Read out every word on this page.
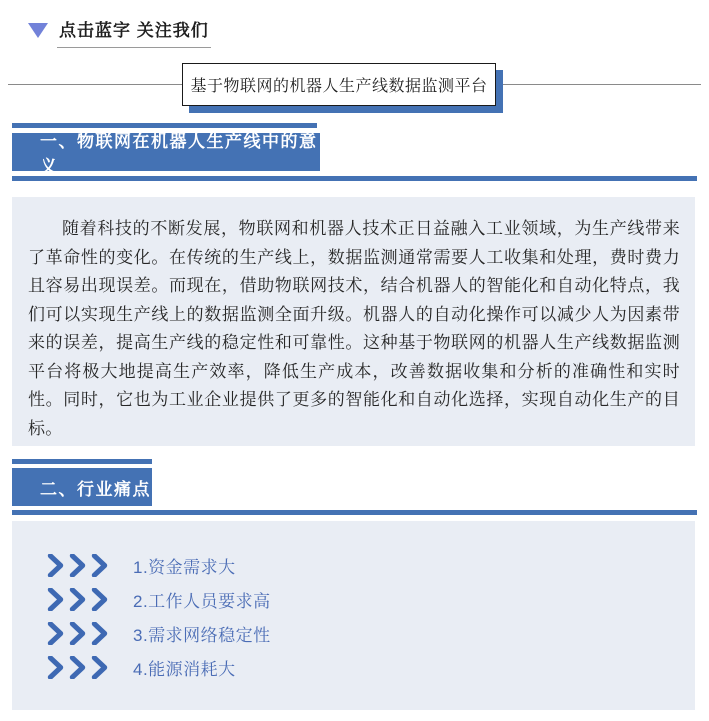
点击蓝字 关注我们
基于物联网的机器人生产线数据监测平台
一、物联网在机器人生产线中的意义

随着科技的不断发展，物联网和机器人技术正日益融入工业领域，为生产线带来了革命性的变化。在传统的生产线上，数据监测通常需要人工收集和处理，费时费力且容易出现误差。而现在，借助物联网技术，结合机器人的智能化和自动化特点，我们可以实现生产线上的数据监测全面升级。机器人的自动化操作可以减少人为因素带来的误差，提高生产线的稳定性和可靠性。这种基于物联网的机器人生产线数据监测平台将极大地提高生产效率，降低生产成本，改善数据收集和分析的准确性和实时性。同时，它也为工业企业提供了更多的智能化和自动化选择，实现自动化生产的目标。

二、行业痛点
1.资金需求大
2.工作人员要求高
3.需求网络稳定性
4.能源消耗大
